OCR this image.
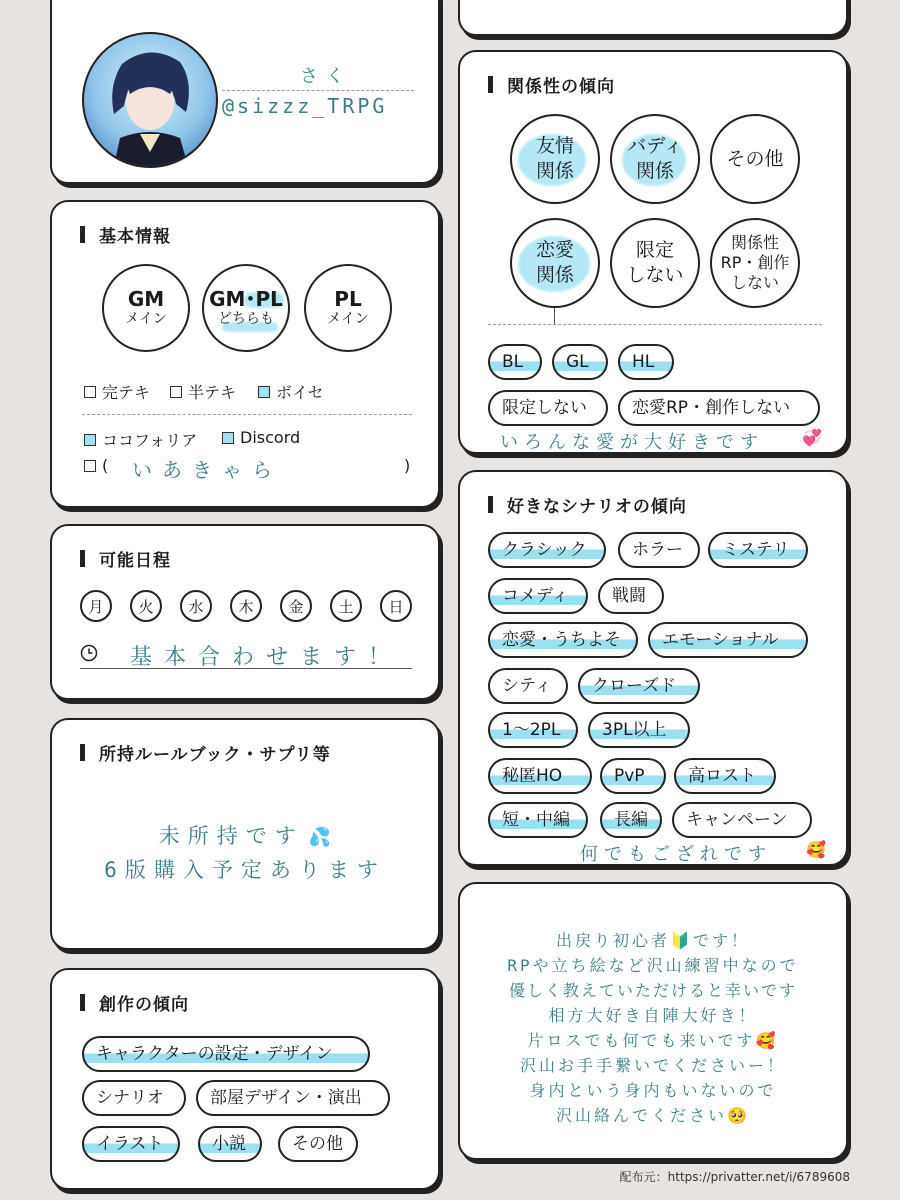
さく
@sizzz_TRPG
基本情報
GM
メイン
GM･PL
どちらも
PL
メイン
完テキ 半テキ ボイセ
ココフォリア	Discord
( いあきゃら	)
可能日程
月	火	水	木	金	土	日
基本合わせます！
所持ルールブック・サプリ等
未所持です 💦
6版購入予定あります
創作の傾向
キャラクターの設定・デザイン
シナリオ	部屋デザイン・演出
イラスト	小説	その他
関係性の傾向
友情
関係
バディ
関係
その他
恋愛
関係
限定
しない
関係性
RP・創作
しない
BL	GL	HL
限定しない	恋愛RP・創作しない
いろんな愛が大好きです 💞
好きなシナリオの傾向
クラシック	ホラー	ミステリ
コメディ	戦闘
恋愛・うちよそ	エモーショナル
シティ	クローズド
1〜2PL	3PL以上
秘匿HO	PvP	高ロスト
短・中編	長編	キャンペーン
何でもござれです 🥰
出戻り初心者🔰です！
RPや立ち絵など沢山練習中なので
優しく教えていただけると幸いです
相方大好き自陣大好き！
片ロスでも何でも来いです🥰
沢山お手手繋いでくださいー！
身内という身内もいないので
沢山絡んでください🥺
配布元：https://privatter.net/i/6789608
